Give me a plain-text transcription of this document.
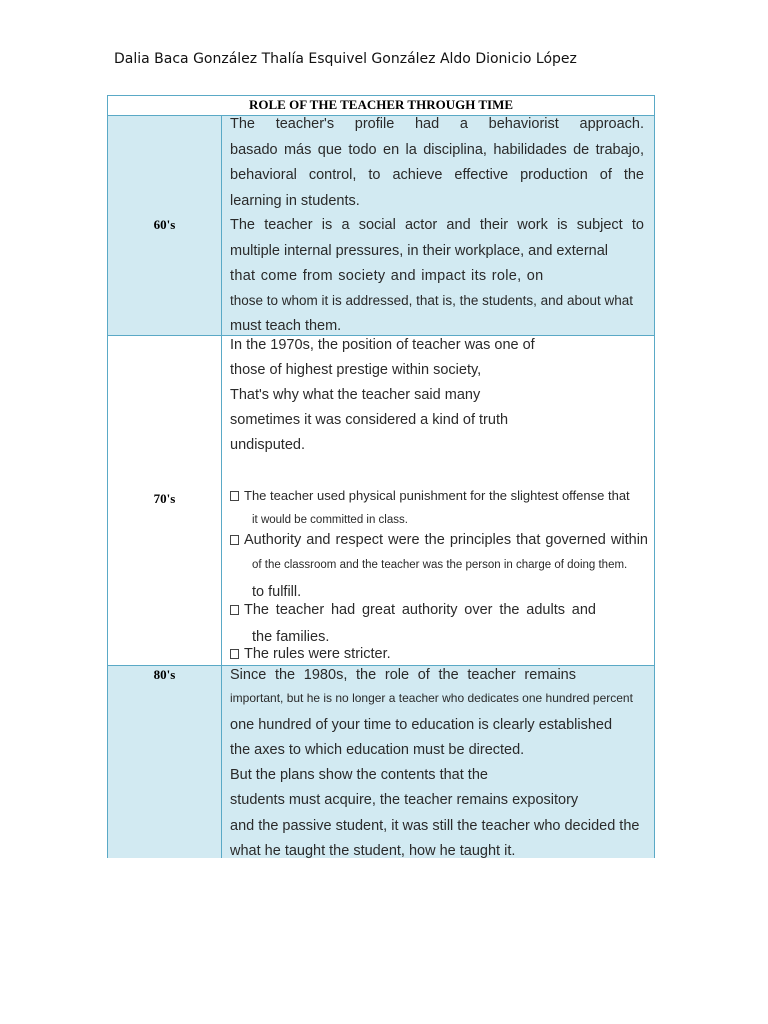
Dalia Baca González Thalía Esquivel González Aldo Dionicio López
ROLE OF THE TEACHER THROUGH TIME
60's
The teacher's profile had a behaviorist approach.
basado más que todo en la disciplina, habilidades de trabajo,
behavioral control, to achieve effective production of the
learning in students.
The teacher is a social actor and their work is subject to
multiple internal pressures, in their workplace, and external
that come from society and impact its role, on
those to whom it is addressed, that is, the students, and about what
must teach them.
70's
In the 1970s, the position of teacher was one of
those of highest prestige within society,
That's why what the teacher said many
sometimes it was considered a kind of truth
undisputed.
The teacher used physical punishment for the slightest offense that
it would be committed in class.
Authority and respect were the principles that governed within
of the classroom and the teacher was the person in charge of doing them.
to fulfill.
The teacher had great authority over the adults and
the families.
The rules were stricter.
80's	Since the 1980s, the role of the teacher remains
important, but he is no longer a teacher who dedicates one hundred percent
one hundred of your time to education is clearly established
the axes to which education must be directed.
But the plans show the contents that the
students must acquire, the teacher remains expository
and the passive student, it was still the teacher who decided the
what he taught the student, how he taught it.
